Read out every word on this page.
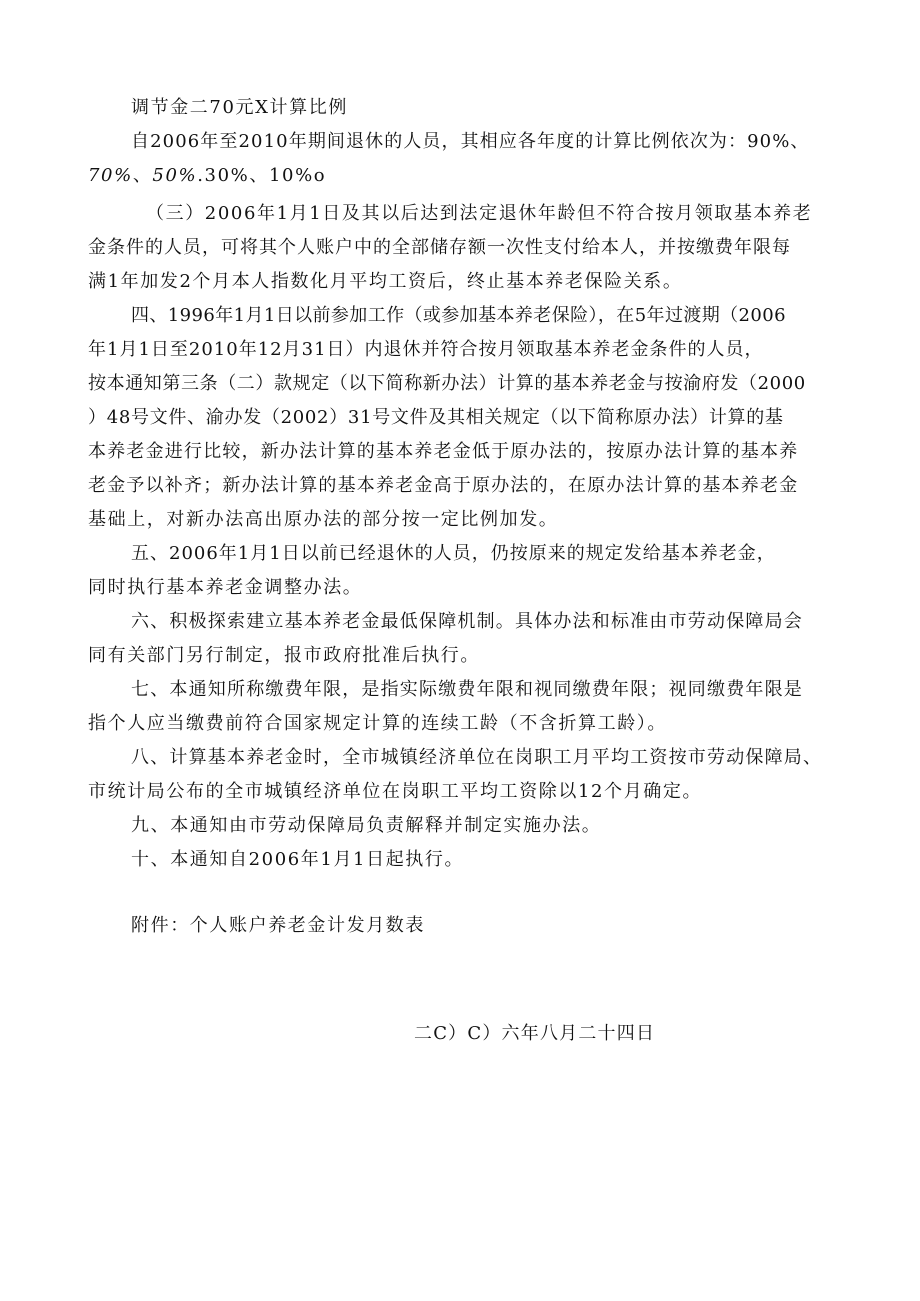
调节金二70元X计算比例
自2006年至2010年期间退休的人员，其相应各年度的计算比例依次为：90%、
70%、50%.30%、10%o
（三）2006年1月1日及其以后达到法定退休年龄但不符合按月领取基本养老
金条件的人员，可将其个人账户中的全部储存额一次性支付给本人，并按缴费年限每
满1年加发2个月本人指数化月平均工资后，终止基本养老保险关系。
四、1996年1月1日以前参加工作（或参加基本养老保险），在5年过渡期（2006
年1月1日至2010年12月31日）内退休并符合按月领取基本养老金条件的人员，
按本通知第三条（二）款规定（以下简称新办法）计算的基本养老金与按渝府发（2000
）48号文件、渝办发（2002）31号文件及其相关规定（以下简称原办法）计算的基
本养老金进行比较，新办法计算的基本养老金低于原办法的，按原办法计算的基本养
老金予以补齐；新办法计算的基本养老金高于原办法的，在原办法计算的基本养老金
基础上，对新办法高出原办法的部分按一定比例加发。
五、2006年1月1日以前已经退休的人员，仍按原来的规定发给基本养老金，
同时执行基本养老金调整办法。
六、积极探索建立基本养老金最低保障机制。具体办法和标准由市劳动保障局会
同有关部门另行制定，报市政府批准后执行。
七、本通知所称缴费年限，是指实际缴费年限和视同缴费年限；视同缴费年限是
指个人应当缴费前符合国家规定计算的连续工龄（不含折算工龄）。
八、计算基本养老金时，全市城镇经济单位在岗职工月平均工资按市劳动保障局、
市统计局公布的全市城镇经济单位在岗职工平均工资除以12个月确定。
九、本通知由市劳动保障局负责解释并制定实施办法。
十、本通知自2006年1月1日起执行。
附件：个人账户养老金计发月数表
二C）C）六年八月二十四日
